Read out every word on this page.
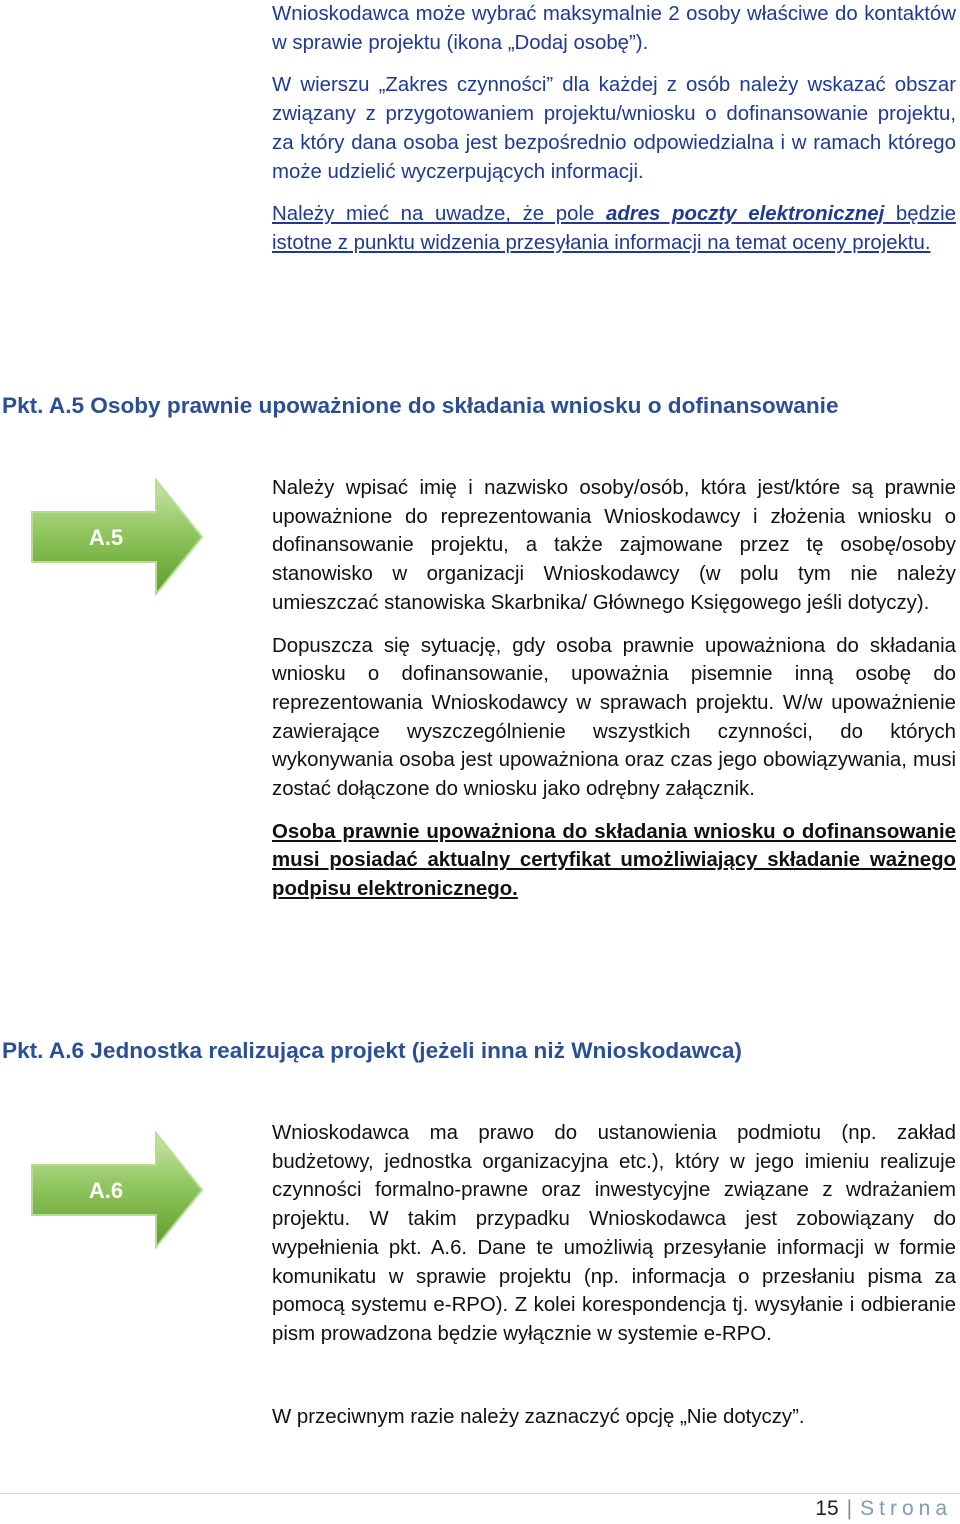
Wnioskodawca może wybrać maksymalnie 2 osoby właściwe do kontaktów w sprawie projektu (ikona „Dodaj osobę”).

W wierszu „Zakres czynności” dla każdej z osób należy wskazać obszar związany z przygotowaniem projektu/wniosku o dofinansowanie projektu, za który dana osoba jest bezpośrednio odpowiedzialna i w ramach którego może udzielić wyczerpujących informacji.

Należy mieć na uwadze, że pole adres poczty elektronicznej będzie istotne z punktu widzenia przesyłania informacji na temat oceny projektu.

Pkt. A.5 Osoby prawnie upoważnione do składania wniosku o dofinansowanie
A.5

Należy wpisać imię i nazwisko osoby/osób, która jest/które są prawnie upoważnione do reprezentowania Wnioskodawcy i złożenia wniosku o dofinansowanie projektu, a także zajmowane przez tę osobę/osoby stanowisko w organizacji Wnioskodawcy (w polu tym nie należy umieszczać stanowiska Skarbnika/ Głównego Księgowego jeśli dotyczy).

Dopuszcza się sytuację, gdy osoba prawnie upoważniona do składania wniosku o dofinansowanie, upoważnia pisemnie inną osobę do reprezentowania Wnioskodawcy w sprawach projektu. W/w upoważnienie zawierające wyszczególnienie wszystkich czynności, do których wykonywania osoba jest upoważniona oraz czas jego obowiązywania, musi zostać dołączone do wniosku jako odrębny załącznik.

Osoba prawnie upoważniona do składania wniosku o dofinansowanie musi posiadać aktualny certyfikat umożliwiający składanie ważnego podpisu elektronicznego.

Pkt. A.6 Jednostka realizująca projekt (jeżeli inna niż Wnioskodawca)
A.6

Wnioskodawca ma prawo do ustanowienia podmiotu (np. zakład budżetowy, jednostka organizacyjna etc.), który w jego imieniu realizuje czynności formalno-prawne oraz inwestycyjne związane z wdrażaniem projektu. W takim przypadku Wnioskodawca jest zobowiązany do wypełnienia pkt. A.6. Dane te umożliwią przesyłanie informacji w formie komunikatu w sprawie projektu (np. informacja o przesłaniu pisma za pomocą systemu e-RPO). Z kolei korespondencja tj. wysyłanie i odbieranie pism prowadzona będzie wyłącznie w systemie e-RPO.

W przeciwnym razie należy zaznaczyć opcję „Nie dotyczy”.

15 | Strona
